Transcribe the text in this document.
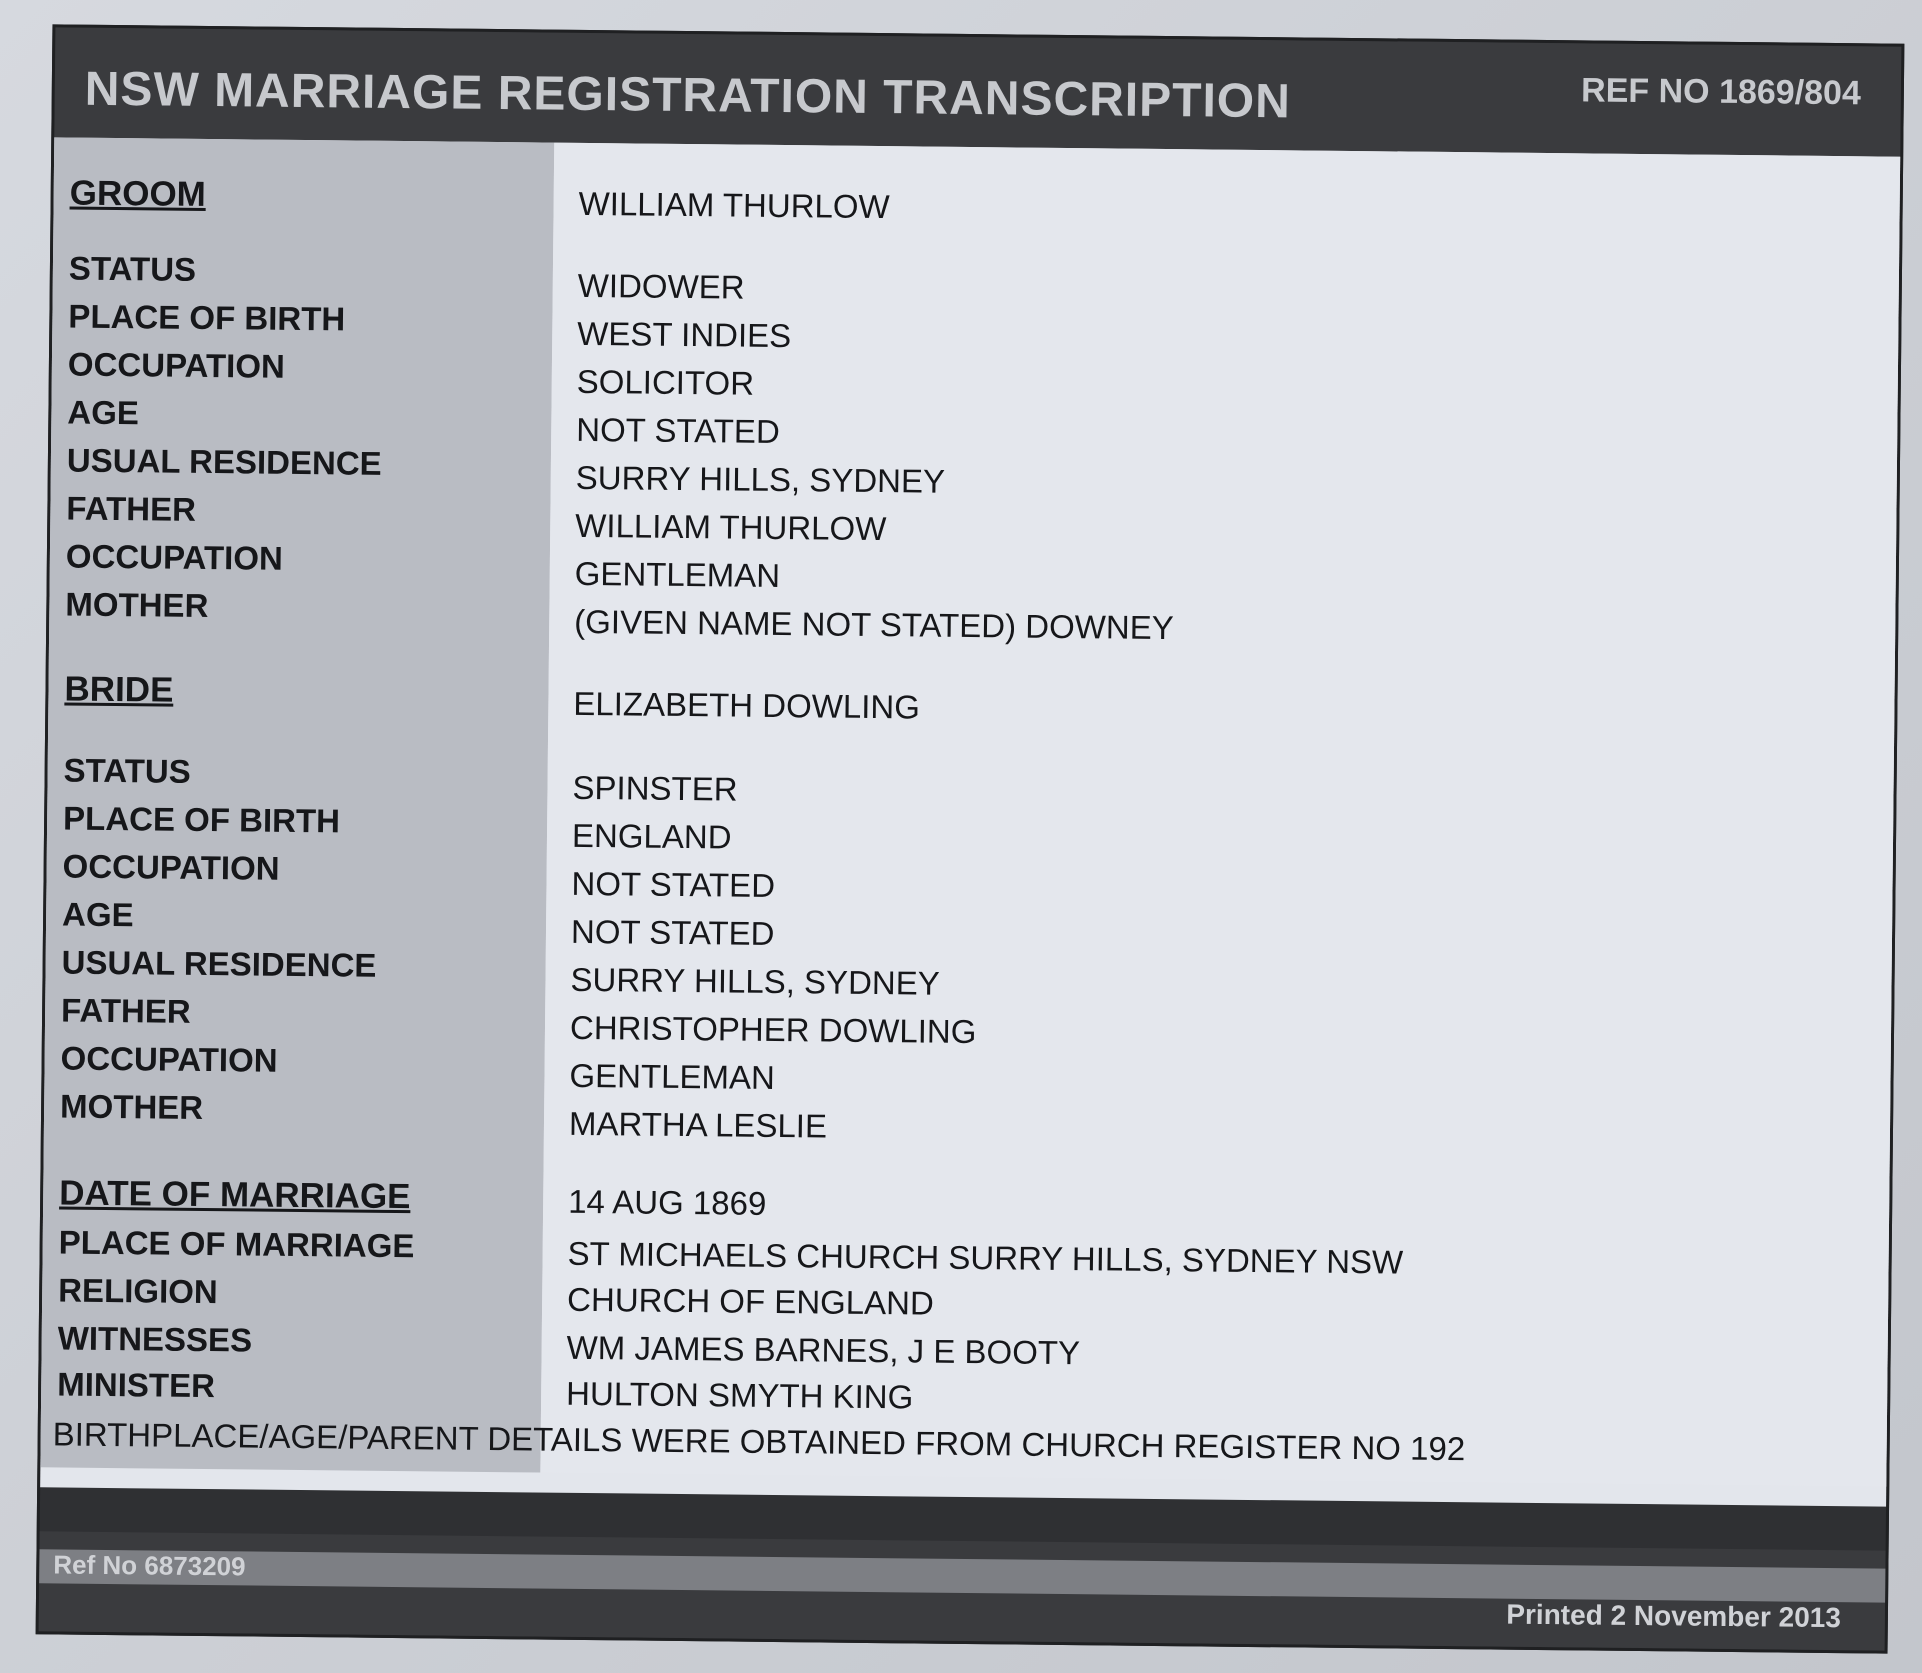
NSW MARRIAGE REGISTRATION TRANSCRIPTION	REF NO 1869/804
GROOM	WILLIAM THURLOW
STATUS	WIDOWER
PLACE OF BIRTH	WEST INDIES
OCCUPATION	SOLICITOR
AGE	NOT STATED
USUAL RESIDENCE	SURRY HILLS, SYDNEY
FATHER	WILLIAM THURLOW
OCCUPATION	GENTLEMAN
MOTHER	(GIVEN NAME NOT STATED) DOWNEY
BRIDE	ELIZABETH DOWLING
STATUS	SPINSTER
PLACE OF BIRTH	ENGLAND
OCCUPATION	NOT STATED
AGE	NOT STATED
USUAL RESIDENCE	SURRY HILLS, SYDNEY
FATHER	CHRISTOPHER DOWLING
OCCUPATION	GENTLEMAN
MOTHER	MARTHA LESLIE
DATE OF MARRIAGE	14 AUG 1869
PLACE OF MARRIAGE	ST MICHAELS CHURCH SURRY HILLS, SYDNEY NSW
RELIGION	CHURCH OF ENGLAND
WITNESSES	WM JAMES BARNES, J E BOOTY
MINISTER	HULTON SMYTH KING
BIRTHPLACE/AGE/PARENT DETAILS WERE OBTAINED FROM CHURCH REGISTER NO 192
Ref No 6873209
Printed 2 November 2013
